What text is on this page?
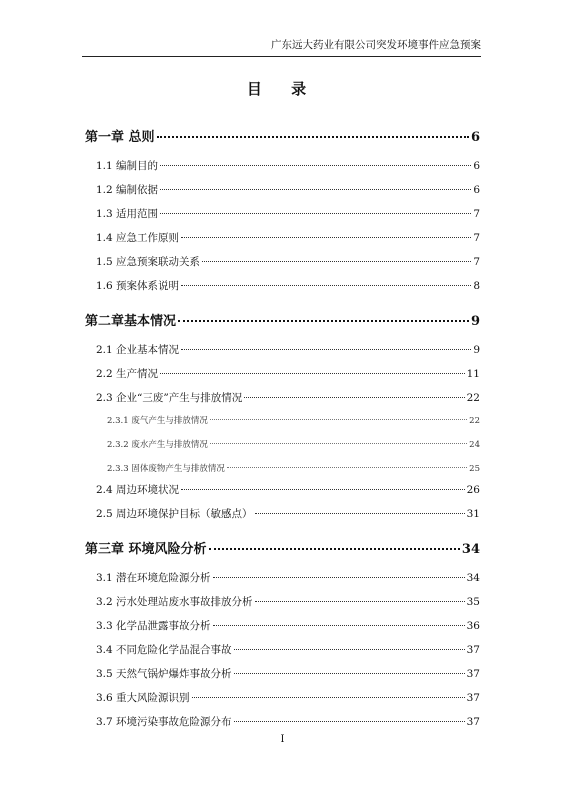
广东远大药业有限公司突发环境事件应急预案
目 录
第一章 总则	6
1.1 编制目的	6
1.2 编制依据	6
1.3 适用范围	7
1.4 应急工作原则	7
1.5 应急预案联动关系	7
1.6 预案体系说明	8
第二章基本情况	9
2.1 企业基本情况	9
2.2 生产情况	11
2.3 企业“三废”产生与排放情况	22
2.3.1 废气产生与排放情况	22
2.3.2 废水产生与排放情况	24
2.3.3 固体废物产生与排放情况	25
2.4 周边环境状况	26
2.5 周边环境保护目标（敏感点）	31
第三章 环境风险分析	34
3.1 潜在环境危险源分析	34
3.2 污水处理站废水事故排放分析	35
3.3 化学品泄露事故分析	36
3.4 不同危险化学品混合事故	37
3.5 天然气锅炉爆炸事故分析	37
3.6 重大风险源识别	37
3.7 环境污染事故危险源分布	37
I
